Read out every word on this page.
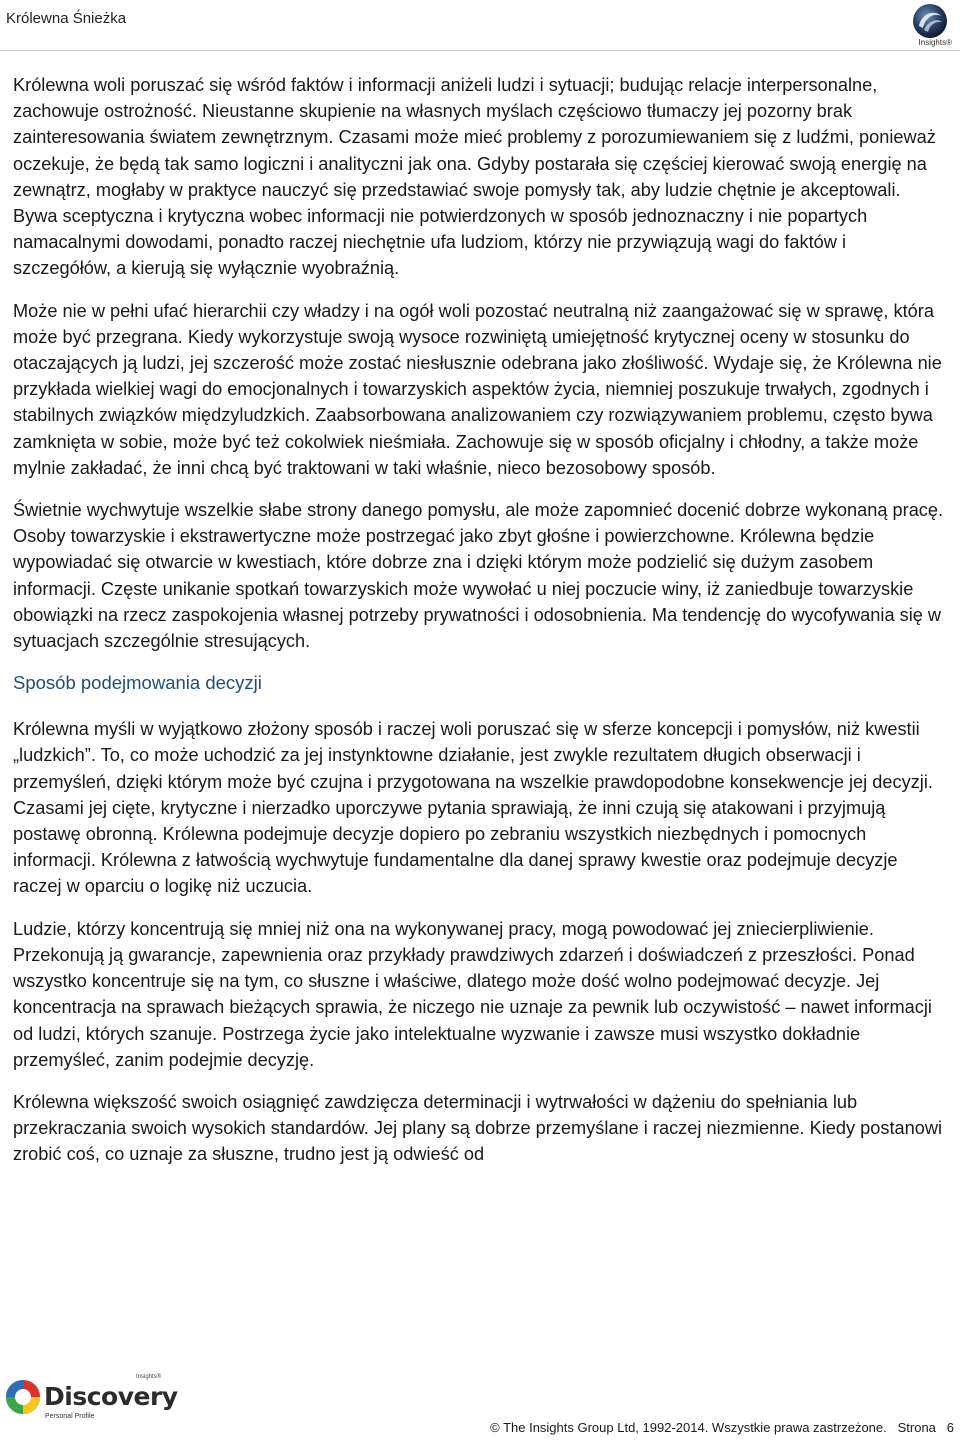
Królewna Śnieżka
Insights®

Królewna woli poruszać się wśród faktów i informacji aniżeli ludzi i sytuacji; budując relacje interpersonalne, zachowuje ostrożność. Nieustanne skupienie na własnych myślach częściowo tłumaczy jej pozorny brak zainteresowania światem zewnętrznym. Czasami może mieć problemy z porozumiewaniem się z ludźmi, ponieważ oczekuje, że będą tak samo logiczni i analityczni jak ona. Gdyby postarała się częściej kierować swoją energię na zewnątrz, mogłaby w praktyce nauczyć się przedstawiać swoje pomysły tak, aby ludzie chętnie je akceptowali. Bywa sceptyczna i krytyczna wobec informacji nie potwierdzonych w sposób jednoznaczny i nie popartych namacalnymi dowodami, ponadto raczej niechętnie ufa ludziom, którzy nie przywiązują wagi do faktów i szczegółów, a kierują się wyłącznie wyobraźnią.

Może nie w pełni ufać hierarchii czy władzy i na ogół woli pozostać neutralną niż zaangażować się w sprawę, która może być przegrana. Kiedy wykorzystuje swoją wysoce rozwiniętą umiejętność krytycznej oceny w stosunku do otaczających ją ludzi, jej szczerość może zostać niesłusznie odebrana jako złośliwość. Wydaje się, że Królewna nie przykłada wielkiej wagi do emocjonalnych i towarzyskich aspektów życia, niemniej poszukuje trwałych, zgodnych i stabilnych związków międzyludzkich. Zaabsorbowana analizowaniem czy rozwiązywaniem problemu, często bywa zamknięta w sobie, może być też cokolwiek nieśmiała. Zachowuje się w sposób oficjalny i chłodny, a także może mylnie zakładać, że inni chcą być traktowani w taki właśnie, nieco bezosobowy sposób.

Świetnie wychwytuje wszelkie słabe strony danego pomysłu, ale może zapomnieć docenić dobrze wykonaną pracę. Osoby towarzyskie i ekstrawertyczne może postrzegać jako zbyt głośne i powierzchowne. Królewna będzie wypowiadać się otwarcie w kwestiach, które dobrze zna i dzięki którym może podzielić się dużym zasobem informacji. Częste unikanie spotkań towarzyskich może wywołać u niej poczucie winy, iż zaniedbuje towarzyskie obowiązki na rzecz zaspokojenia własnej potrzeby prywatności i odosobnienia. Ma tendencję do wycofywania się w sytuacjach szczególnie stresujących.

Sposób podejmowania decyzji

Królewna myśli w wyjątkowo złożony sposób i raczej woli poruszać się w sferze koncepcji i pomysłów, niż kwestii „ludzkich”. To, co może uchodzić za jej instynktowne działanie, jest zwykle rezultatem długich obserwacji i przemyśleń, dzięki którym może być czujna i przygotowana na wszelkie prawdopodobne konsekwencje jej decyzji. Czasami jej cięte, krytyczne i nierzadko uporczywe pytania sprawiają, że inni czują się atakowani i przyjmują postawę obronną. Królewna podejmuje decyzje dopiero po zebraniu wszystkich niezbędnych i pomocnych informacji. Królewna z łatwością wychwytuje fundamentalne dla danej sprawy kwestie oraz podejmuje decyzje raczej w oparciu o logikę niż uczucia.

Ludzie, którzy koncentrują się mniej niż ona na wykonywanej pracy, mogą powodować jej zniecierpliwienie. Przekonują ją gwarancje, zapewnienia oraz przykłady prawdziwych zdarzeń i doświadczeń z przeszłości. Ponad wszystko koncentruje się na tym, co słuszne i właściwe, dlatego może dość wolno podejmować decyzje. Jej koncentracja na sprawach bieżących sprawia, że niczego nie uznaje za pewnik lub oczywistość – nawet informacji od ludzi, których szanuje. Postrzega życie jako intelektualne wyzwanie i zawsze musi wszystko dokładnie przemyśleć, zanim podejmie decyzję.

Królewna większość swoich osiągnięć zawdzięcza determinacji i wytrwałości w dążeniu do spełniania lub przekraczania swoich wysokich standardów. Jej plany są dobrze przemyślane i raczej niezmienne. Kiedy postanowi zrobić coś, co uznaje za słuszne, trudno jest ją odwieść od

Insights®
Discovery
Personal Profile
© The Insights Group Ltd, 1992-2014. Wszystkie prawa zastrzeżone. Strona 6
